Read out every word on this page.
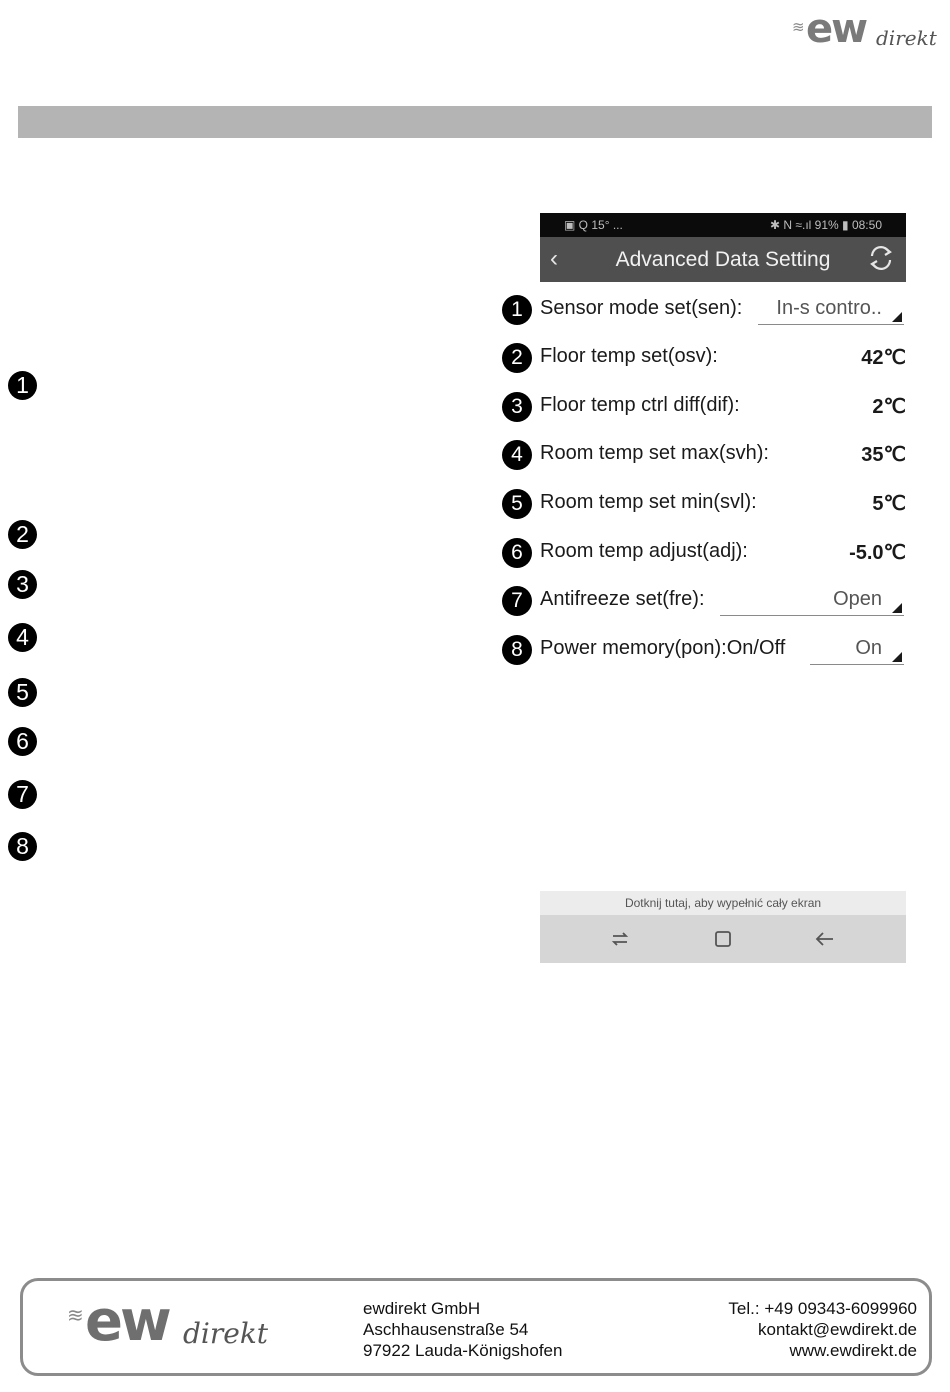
≋ ew direkt
1
2
3
4
5
6
7
8
▣ Q 15° ...	✱ N ≈.ıl 91% ▮ 08:50
‹	Advanced Data Setting
1 Sensor mode set(sen): In-s contro..
2 Floor temp set(osv):	42℃
3 Floor temp ctrl diff(dif):	2℃
4 Room temp set max(svh):	35℃
5 Room temp set min(svl):	5℃
6 Room temp adjust(adj):	-5.0℃
7 Antifreeze set(fre):	Open
8 Power memory(pon):On/Off	On
Dotknij tutaj, aby wypełnić cały ekran
≋ ew direkt
ewdirekt GmbH
Aschhausenstraße 54
97922 Lauda-Königshofen
Tel.: +49 09343-6099960
kontakt@ewdirekt.de
www.ewdirekt.de
